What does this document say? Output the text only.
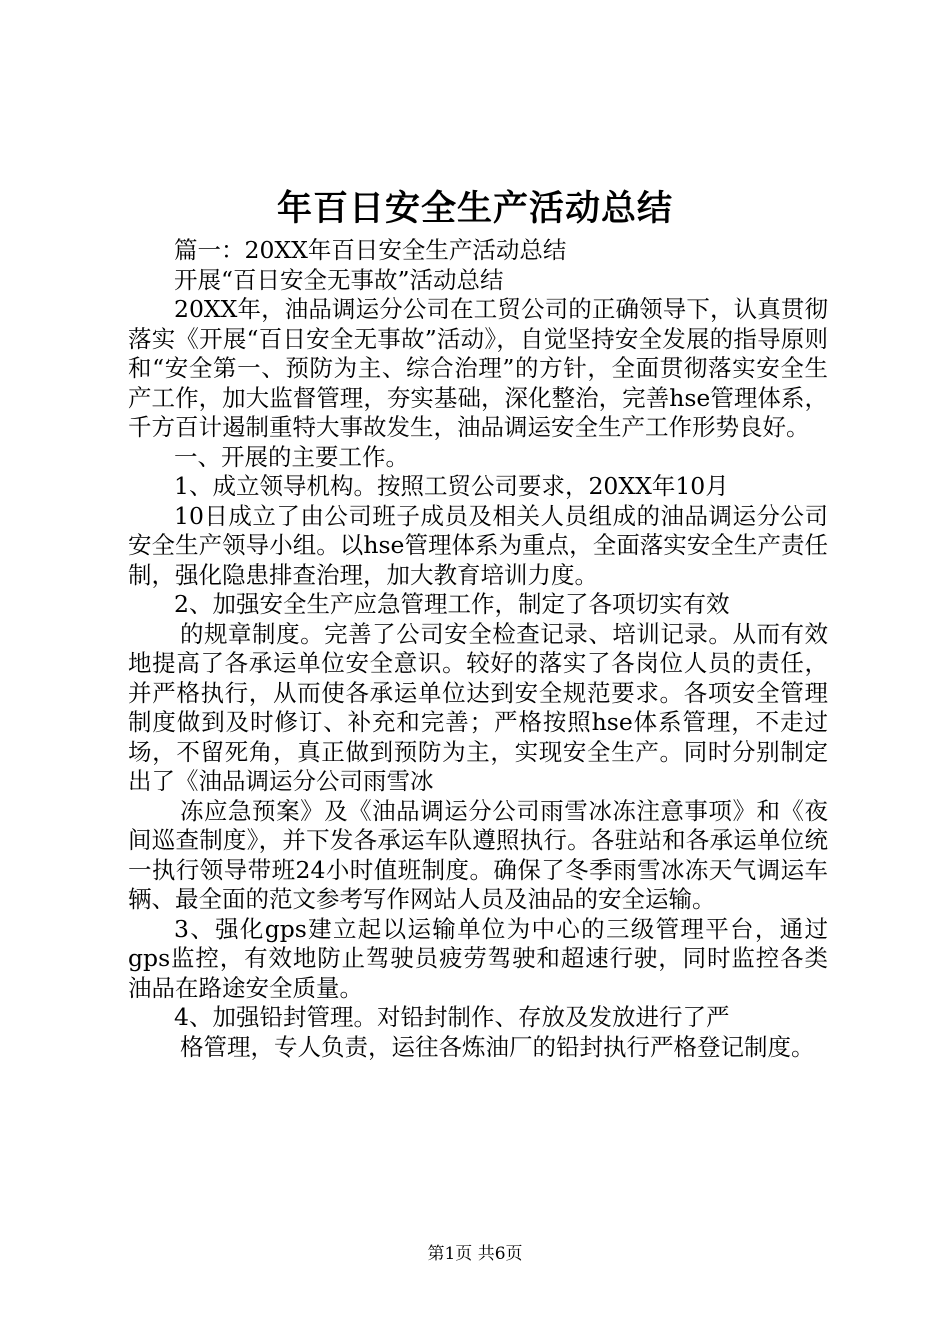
年百日安全生产活动总结

篇一：20XX年百日安全生产活动总结

开展“百日安全无事故”活动总结

20XX年，油品调运分公司在工贸公司的正确领导下，认真贯彻落实《开展“百日安全无事故”活动》，自觉坚持安全发展的指导原则和“安全第一、预防为主、综合治理”的方针，全面贯彻落实安全生产工作，加大监督管理，夯实基础，深化整治，完善hse管理体系，千方百计遏制重特大事故发生，油品调运安全生产工作形势良好。

一、开展的主要工作。

1、成立领导机构。按照工贸公司要求，20XX年10月

10日成立了由公司班子成员及相关人员组成的油品调运分公司安全生产领导小组。以hse管理体系为重点，全面落实安全生产责任制，强化隐患排查治理，加大教育培训力度。

2、加强安全生产应急管理工作，制定了各项切实有效

的规章制度。完善了公司安全检查记录、培训记录。从而有效地提高了各承运单位安全意识。较好的落实了各岗位人员的责任，并严格执行，从而使各承运单位达到安全规范要求。各项安全管理制度做到及时修订、补充和完善；严格按照hse体系管理，不走过场，不留死角，真正做到预防为主，实现安全生产。同时分别制定出了《油品调运分公司雨雪冰

冻应急预案》及《油品调运分公司雨雪冰冻注意事项》和《夜间巡查制度》，并下发各承运车队遵照执行。各驻站和各承运单位统一执行领导带班24小时值班制度。确保了冬季雨雪冰冻天气调运车辆、最全面的范文参考写作网站人员及油品的安全运输。

3、强化gps建立起以运输单位为中心的三级管理平台，通过gps监控，有效地防止驾驶员疲劳驾驶和超速行驶，同时监控各类油品在路途安全质量。

4、加强铅封管理。对铅封制作、存放及发放进行了严

格管理，专人负责，运往各炼油厂的铅封执行严格登记制度。

第1页 共6页
